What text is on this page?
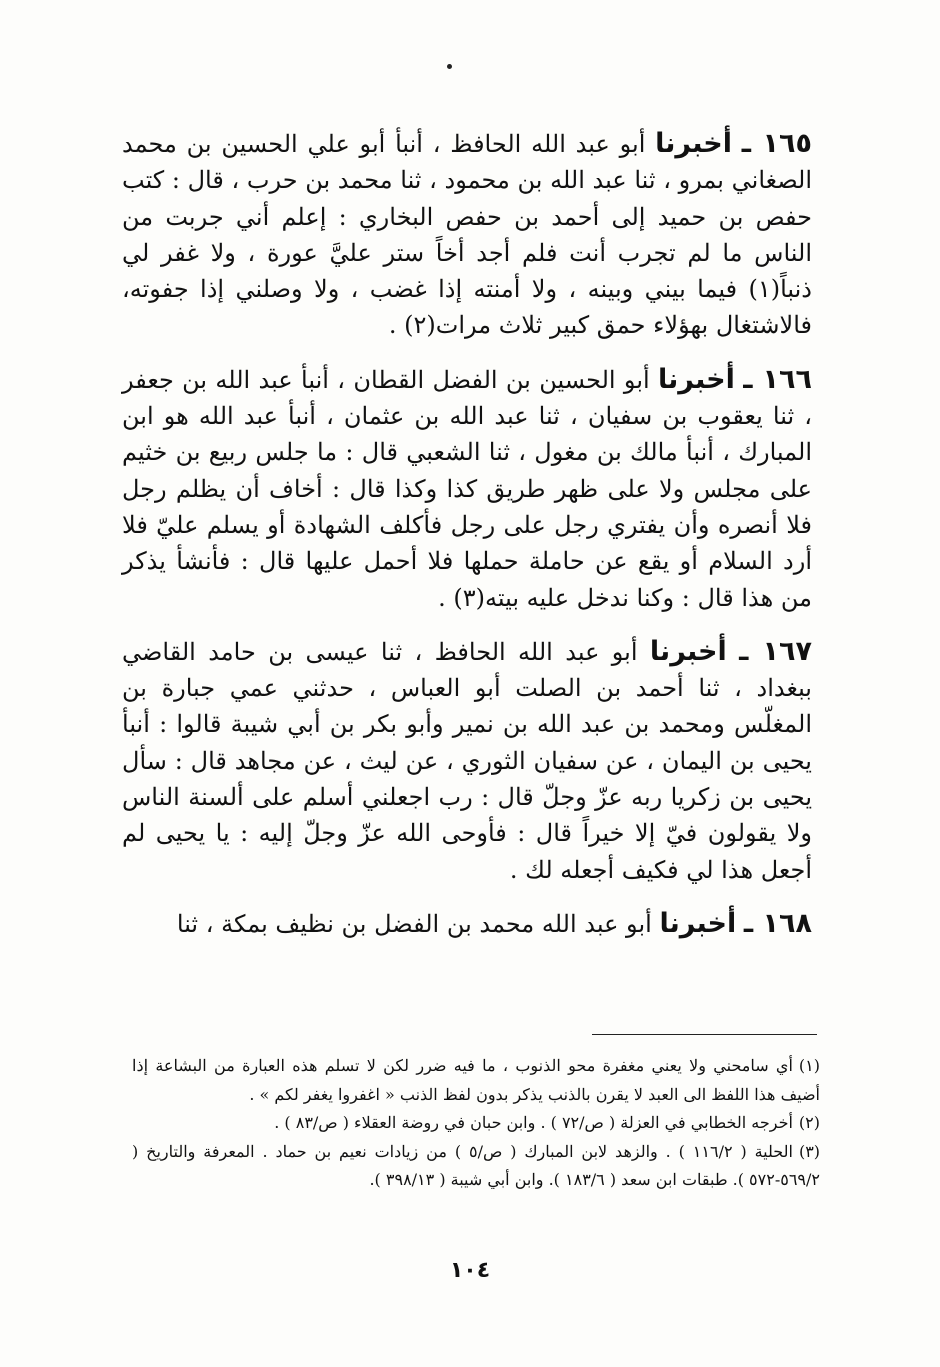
١٦٥ ـ أخبرنا أبو عبد الله الحافظ ، أنبأ أبو علي الحسين بن محمد الصغاني بمرو ، ثنا عبد الله بن محمود ، ثنا محمد بن حرب ، قال : كتب حفص بن حميد إلى أحمد بن حفص البخاري : إعلم أني جربت من الناس ما لم تجرب أنت فلم أجد أخاً ستر عليَّ عورة ، ولا غفر لي ذنباً(١) فيما بيني وبينه ، ولا أمنته إذا غضب ، ولا وصلني إذا جفوته، فالاشتغال بهؤلاء حمق كبير ثلاث مرات(٢) .

١٦٦ ـ أخبرنا أبو الحسين بن الفضل القطان ، أنبأ عبد الله بن جعفر ، ثنا يعقوب بن سفيان ، ثنا عبد الله بن عثمان ، أنبأ عبد الله هو ابن المبارك ، أنبأ مالك بن مغول ، ثنا الشعبي قال : ما جلس ربيع بن خثيم على مجلس ولا على ظهر طريق كذا وكذا قال : أخاف أن يظلم رجل فلا أنصره وأن يفتري رجل على رجل فأكلف الشهادة أو يسلم عليّ فلا أرد السلام أو يقع عن حاملة حملها فلا أحمل عليها قال : فأنشأ يذكر من هذا قال : وكنا ندخل عليه بيته(٣) .

١٦٧ ـ أخبرنا أبو عبد الله الحافظ ، ثنا عيسى بن حامد القاضي ببغداد ، ثنا أحمد بن الصلت أبو العباس ، حدثني عمي جبارة بن المغلّس ومحمد بن عبد الله بن نمير وأبو بكر بن أبي شيبة قالوا : أنبأ يحيى بن اليمان ، عن سفيان الثوري ، عن ليث ، عن مجاهد قال : سأل يحيى بن زكريا ربه عزّ وجلّ قال : رب اجعلني أسلم على ألسنة الناس ولا يقولون فيّ إلا خيراً قال : فأوحى الله عزّ وجلّ إليه : يا يحيى لم أجعل هذا لي فكيف أجعله لك .

١٦٨ ـ أخبرنا أبو عبد الله محمد بن الفضل بن نظيف بمكة ، ثنا

(١)أي سامحني ولا يعني مغفرة محو الذنوب ، ما فيه ضرر لكن لا تسلم هذه العبارة من البشاعة إذا أضيف هذا اللفظ الى العبد لا يقرن بالذنب يذكر بدون لفظ الذنب « اغفروا يغفر لكم » .

(٢)أخرجه الخطابي في العزلة ( ص/٧٢ ) . وابن حبان في روضة العقلاء ( ص/٨٣ ) .

(٣)الحلية ( ١١٦/٢ ) . والزهد لابن المبارك ( ص/٥ ) من زيادات نعيم بن حماد . المعرفة والتاريخ ( ٥٦٩/٢-٥٧٢ ). طبقات ابن سعد ( ١٨٣/٦ ). وابن أبي شيبة ( ٣٩٨/١٣ ).

١٠٤
